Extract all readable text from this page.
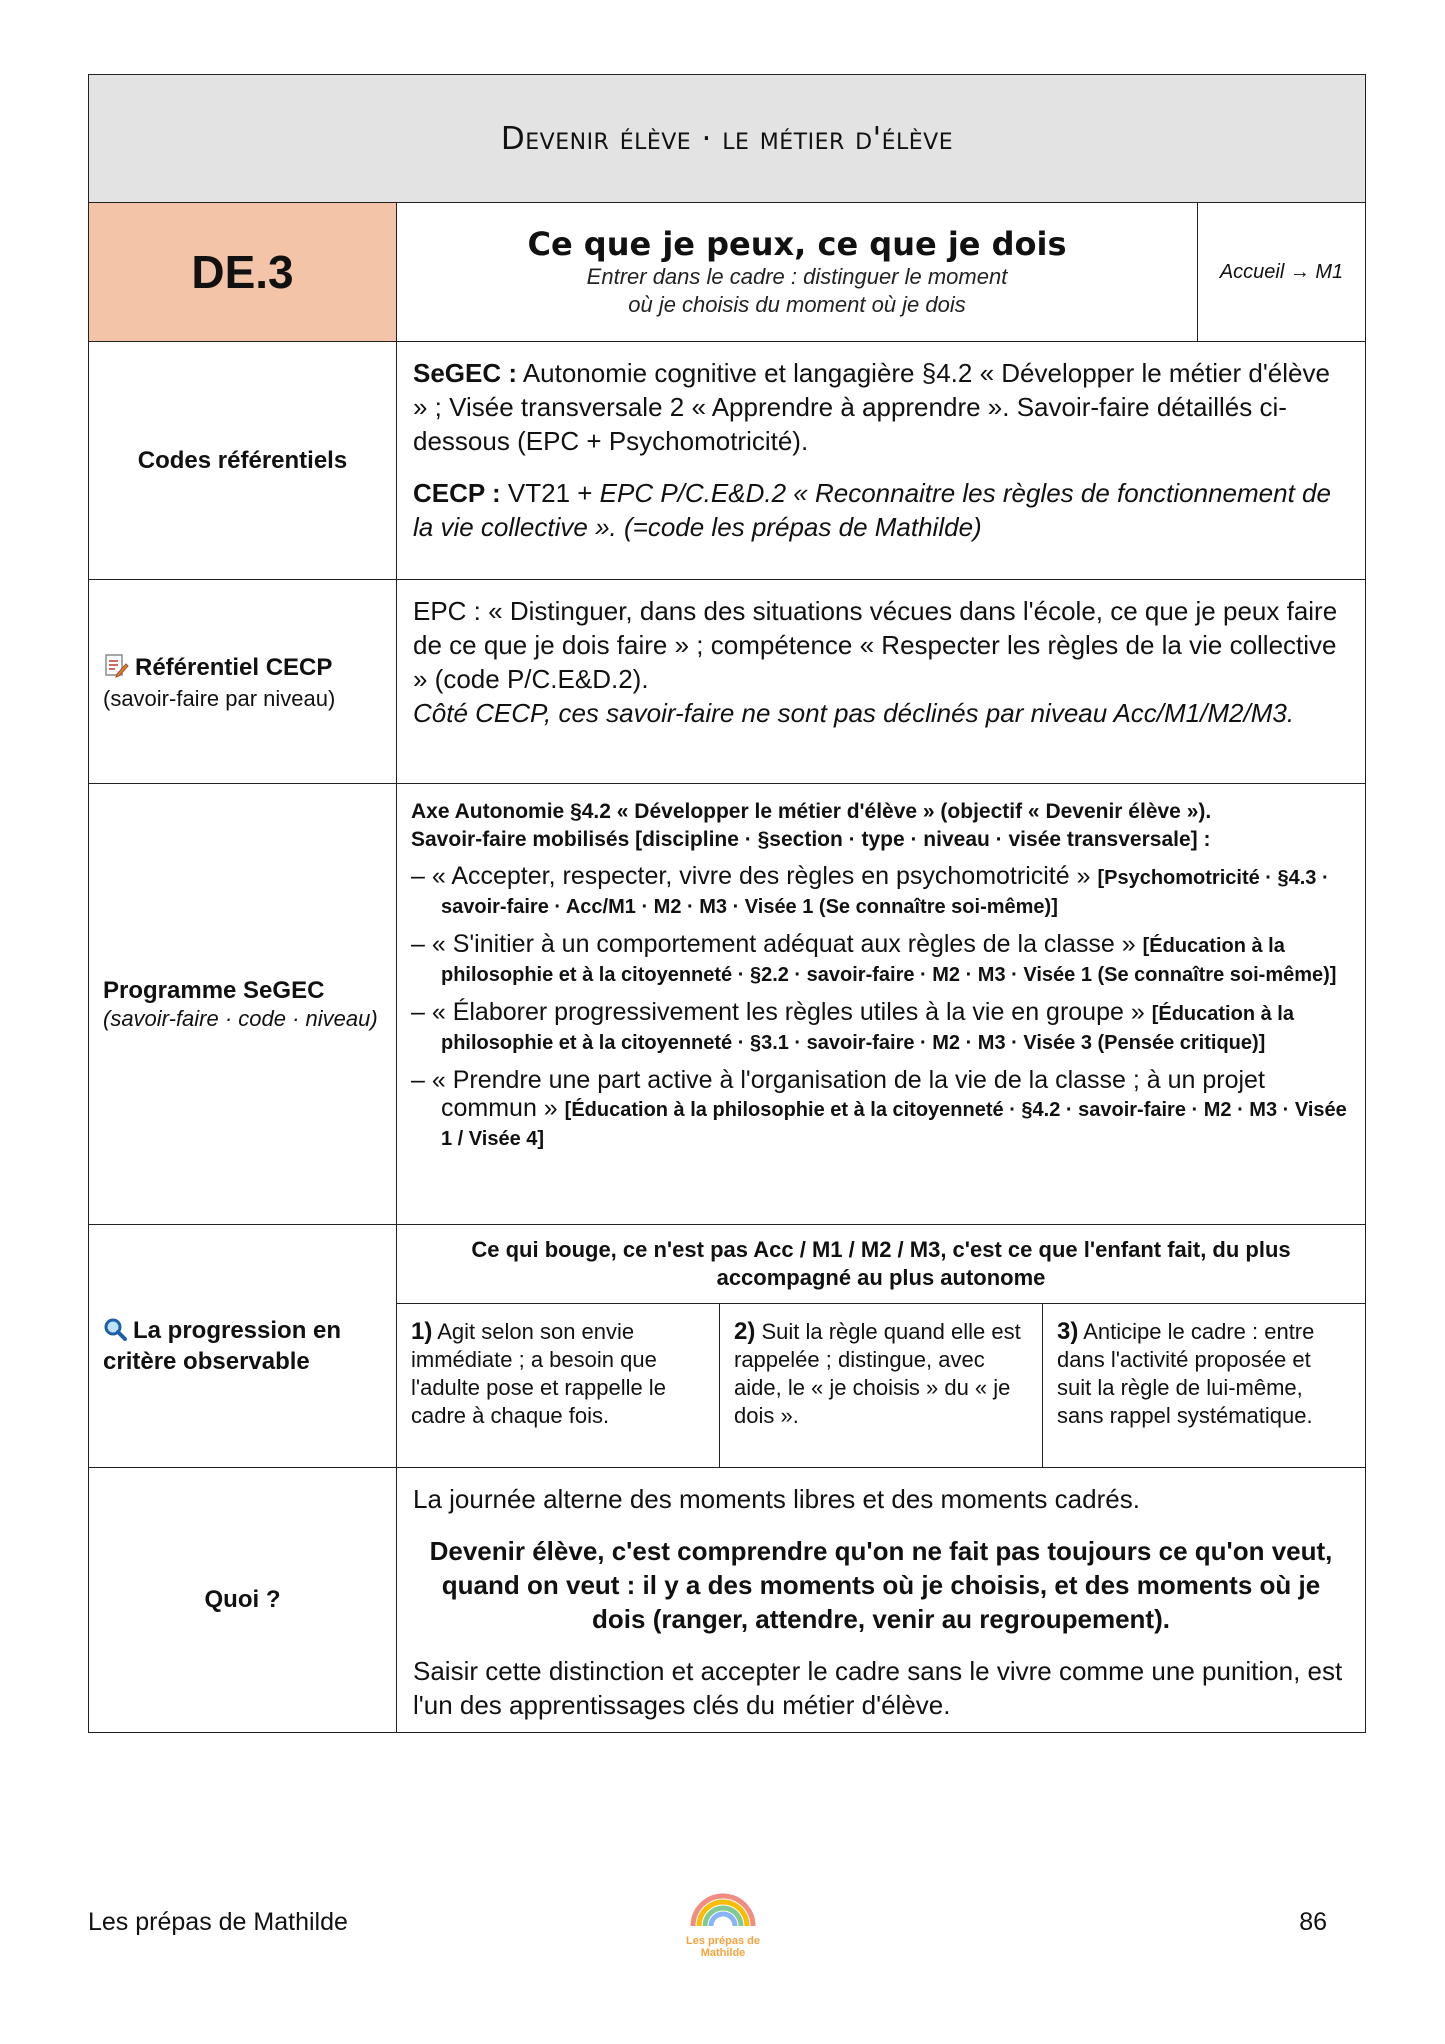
Devenir élève · le métier d'élève
DE.3
Ce que je peux, ce que je dois
Entrer dans le cadre : distinguer le moment
où je choisis du moment où je dois
Accueil → M1
Codes référentiels
SeGEC : Autonomie cognitive et langagière §4.2 « Développer le métier d'élève » ; Visée transversale 2 « Apprendre à apprendre ». Savoir-faire détaillés ci-dessous (EPC + Psychomotricité).
CECP : VT21 + EPC P/C.E&D.2 « Reconnaitre les règles de fonctionnement de la vie collective ». (=code les prépas de Mathilde)
Référentiel CECP
(savoir-faire par niveau)
EPC : « Distinguer, dans des situations vécues dans l'école, ce que je peux faire de ce que je dois faire » ; compétence « Respecter les règles de la vie collective » (code P/C.E&D.2).
Côté CECP, ces savoir-faire ne sont pas déclinés par niveau Acc/M1/M2/M3.
Programme SeGEC
(savoir-faire · code · niveau)
Axe Autonomie §4.2 « Développer le métier d'élève » (objectif « Devenir élève »).
Savoir-faire mobilisés [discipline · §section · type · niveau · visée transversale] :
– « Accepter, respecter, vivre des règles en psychomotricité » [Psychomotricité · §4.3 · savoir-faire · Acc/M1 · M2 · M3 · Visée 1 (Se connaître soi-même)]
– « S'initier à un comportement adéquat aux règles de la classe » [Éducation à la philosophie et à la citoyenneté · §2.2 · savoir-faire · M2 · M3 · Visée 1 (Se connaître soi-même)]
– « Élaborer progressivement les règles utiles à la vie en groupe » [Éducation à la philosophie et à la citoyenneté · §3.1 · savoir-faire · M2 · M3 · Visée 3 (Pensée critique)]
– « Prendre une part active à l'organisation de la vie de la classe ; à un projet commun » [Éducation à la philosophie et à la citoyenneté · §4.2 · savoir-faire · M2 · M3 · Visée 1 / Visée 4]
La progression en critère observable
Ce qui bouge, ce n'est pas Acc / M1 / M2 / M3, c'est ce que l'enfant fait, du plus accompagné au plus autonome
1) Agit selon son envie immédiate ; a besoin que l'adulte pose et rappelle le cadre à chaque fois.
2) Suit la règle quand elle est rappelée ; distingue, avec aide, le « je choisis » du « je dois ».
3) Anticipe le cadre : entre dans l'activité proposée et suit la règle de lui-même, sans rappel systématique.
Quoi ?
La journée alterne des moments libres et des moments cadrés.
Devenir élève, c'est comprendre qu'on ne fait pas toujours ce qu'on veut, quand on veut : il y a des moments où je choisis, et des moments où je dois (ranger, attendre, venir au regroupement).
Saisir cette distinction et accepter le cadre sans le vivre comme une punition, est l'un des apprentissages clés du métier d'élève.
Les prépas de Mathilde
Les prépas de
Mathilde
86
